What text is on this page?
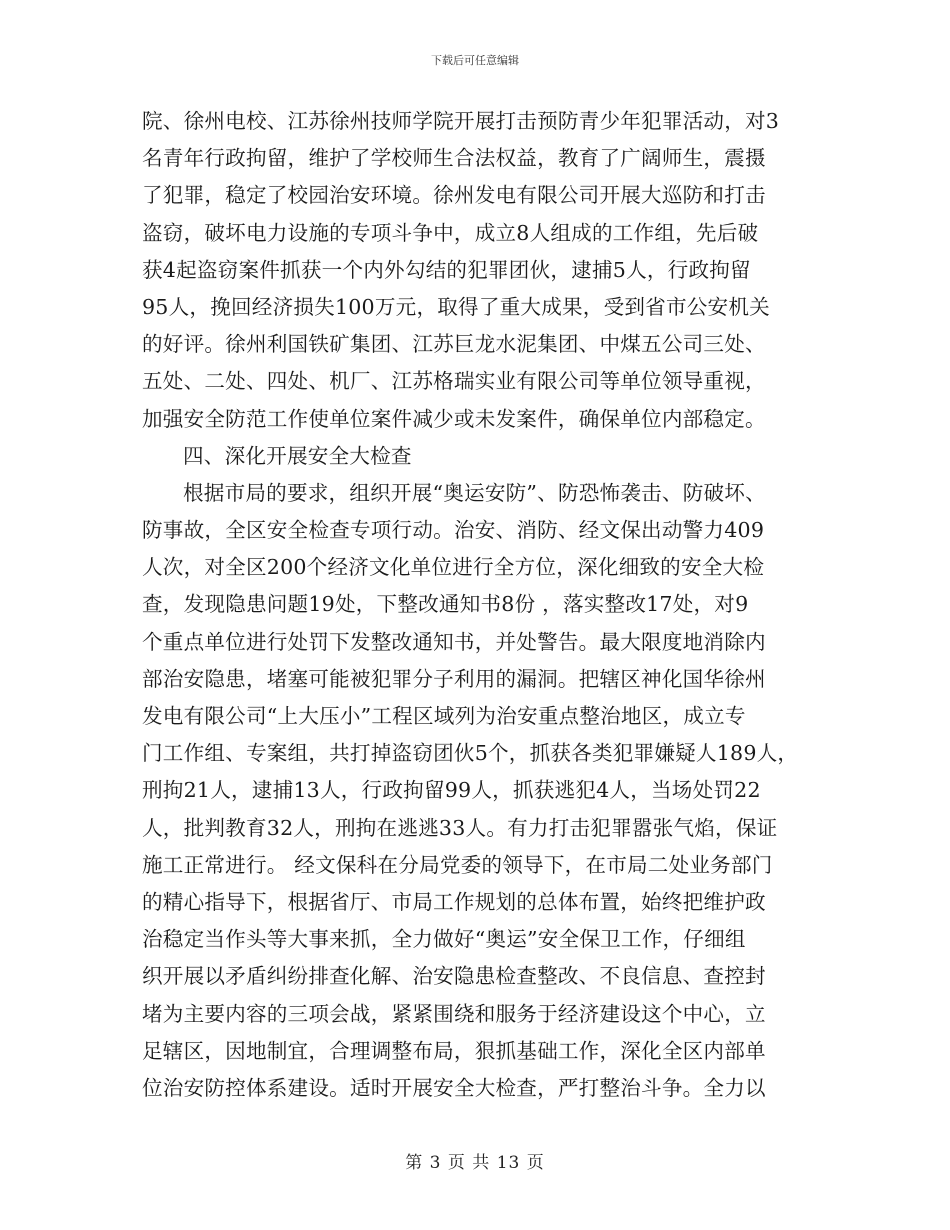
下载后可任意编辑
院、徐州电校、江苏徐州技师学院开展打击预防青少年犯罪活动，对3
名青年行政拘留，维护了学校师生合法权益，教育了广阔师生，震摄
了犯罪，稳定了校园治安环境。徐州发电有限公司开展大巡防和打击
盗窃，破坏电力设施的专项斗争中，成立8人组成的工作组，先后破
获4起盗窃案件抓获一个内外勾结的犯罪团伙，逮捕5人，行政拘留
95人，挽回经济损失100万元，取得了重大成果，受到省市公安机关
的好评。徐州利国铁矿集团、江苏巨龙水泥集团、中煤五公司三处、
五处、二处、四处、机厂、江苏格瑞实业有限公司等单位领导重视，
加强安全防范工作使单位案件减少或未发案件，确保单位内部稳定。
四、深化开展安全大检查
根据市局的要求，组织开展“奥运安防”、防恐怖袭击、防破坏、
防事故，全区安全检查专项行动。治安、消防、经文保出动警力409
人次，对全区200个经济文化单位进行全方位，深化细致的安全大检
查，发现隐患问题19处，下整改通知书8份 ，落实整改17处，对9
个重点单位进行处罚下发整改通知书，并处警告。最大限度地消除内
部治安隐患，堵塞可能被犯罪分子利用的漏洞。把辖区神化国华徐州
发电有限公司“上大压小”工程区域列为治安重点整治地区，成立专
门工作组、专案组，共打掉盗窃团伙5个，抓获各类犯罪嫌疑人189人，
刑拘21人，逮捕13人，行政拘留99人，抓获逃犯4人，当场处罚22
人，批判教育32人，刑拘在逃逃33人。有力打击犯罪嚣张气焰，保证
施工正常进行。 经文保科在分局党委的领导下，在市局二处业务部门
的精心指导下，根据省厅、市局工作规划的总体布置，始终把维护政
治稳定当作头等大事来抓，全力做好“奥运”安全保卫工作，仔细组
织开展以矛盾纠纷排查化解、治安隐患检查整改、不良信息、查控封
堵为主要内容的三项会战，紧紧围绕和服务于经济建设这个中心，立
足辖区，因地制宜，合理调整布局，狠抓基础工作，深化全区内部单
位治安防控体系建设。适时开展安全大检查，严打整治斗争。全力以
第 3 页 共 13 页
